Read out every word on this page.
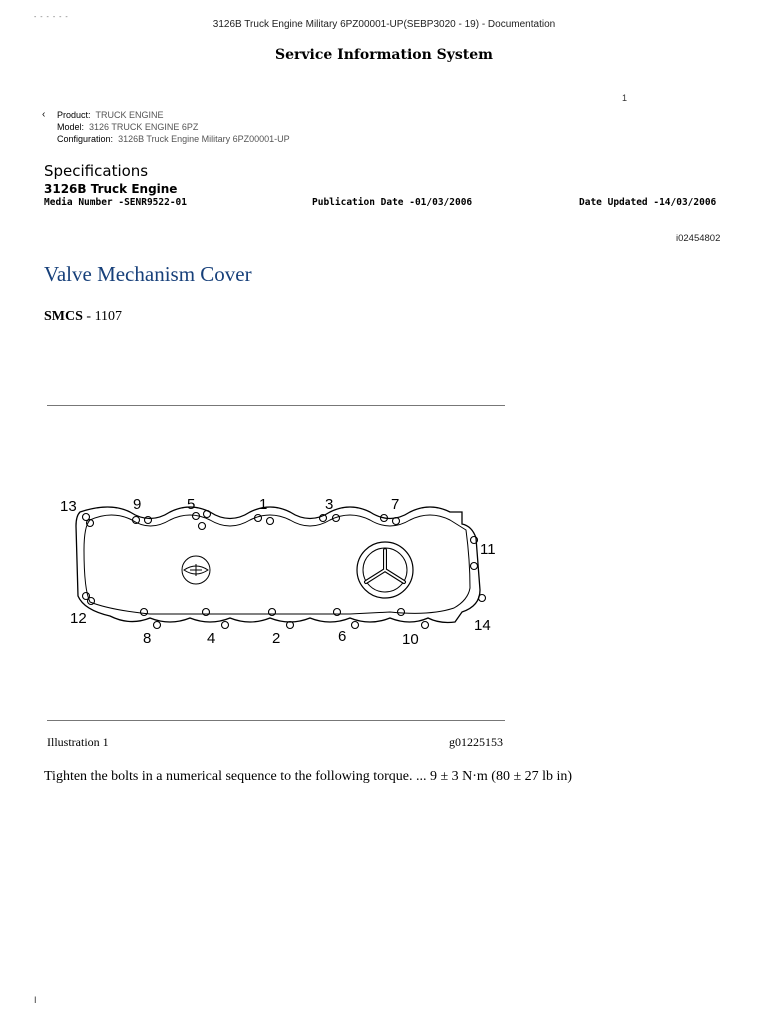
- - - - - -
3126B Truck Engine Military 6PZ00001-UP(SEBP3020 - 19) - Documentation
Service Information System
1
‹ Product: TRUCK ENGINE
Model: 3126 TRUCK ENGINE 6PZ
Configuration: 3126B Truck Engine Military 6PZ00001-UP
Specifications
3126B Truck Engine
Media Number -SENR9522-01	Publication Date -01/03/2006	Date Updated -14/03/2006
i02454802
Valve Mechanism Cover
SMCS - 1107
13	9	5	1	3	7
11
14
10
6
2
4
8
12
Illustration 1	g01225153
Tighten the bolts in a numerical sequence to the following torque. ... 9 ± 3 N·m (80 ± 27 lb in)
I
